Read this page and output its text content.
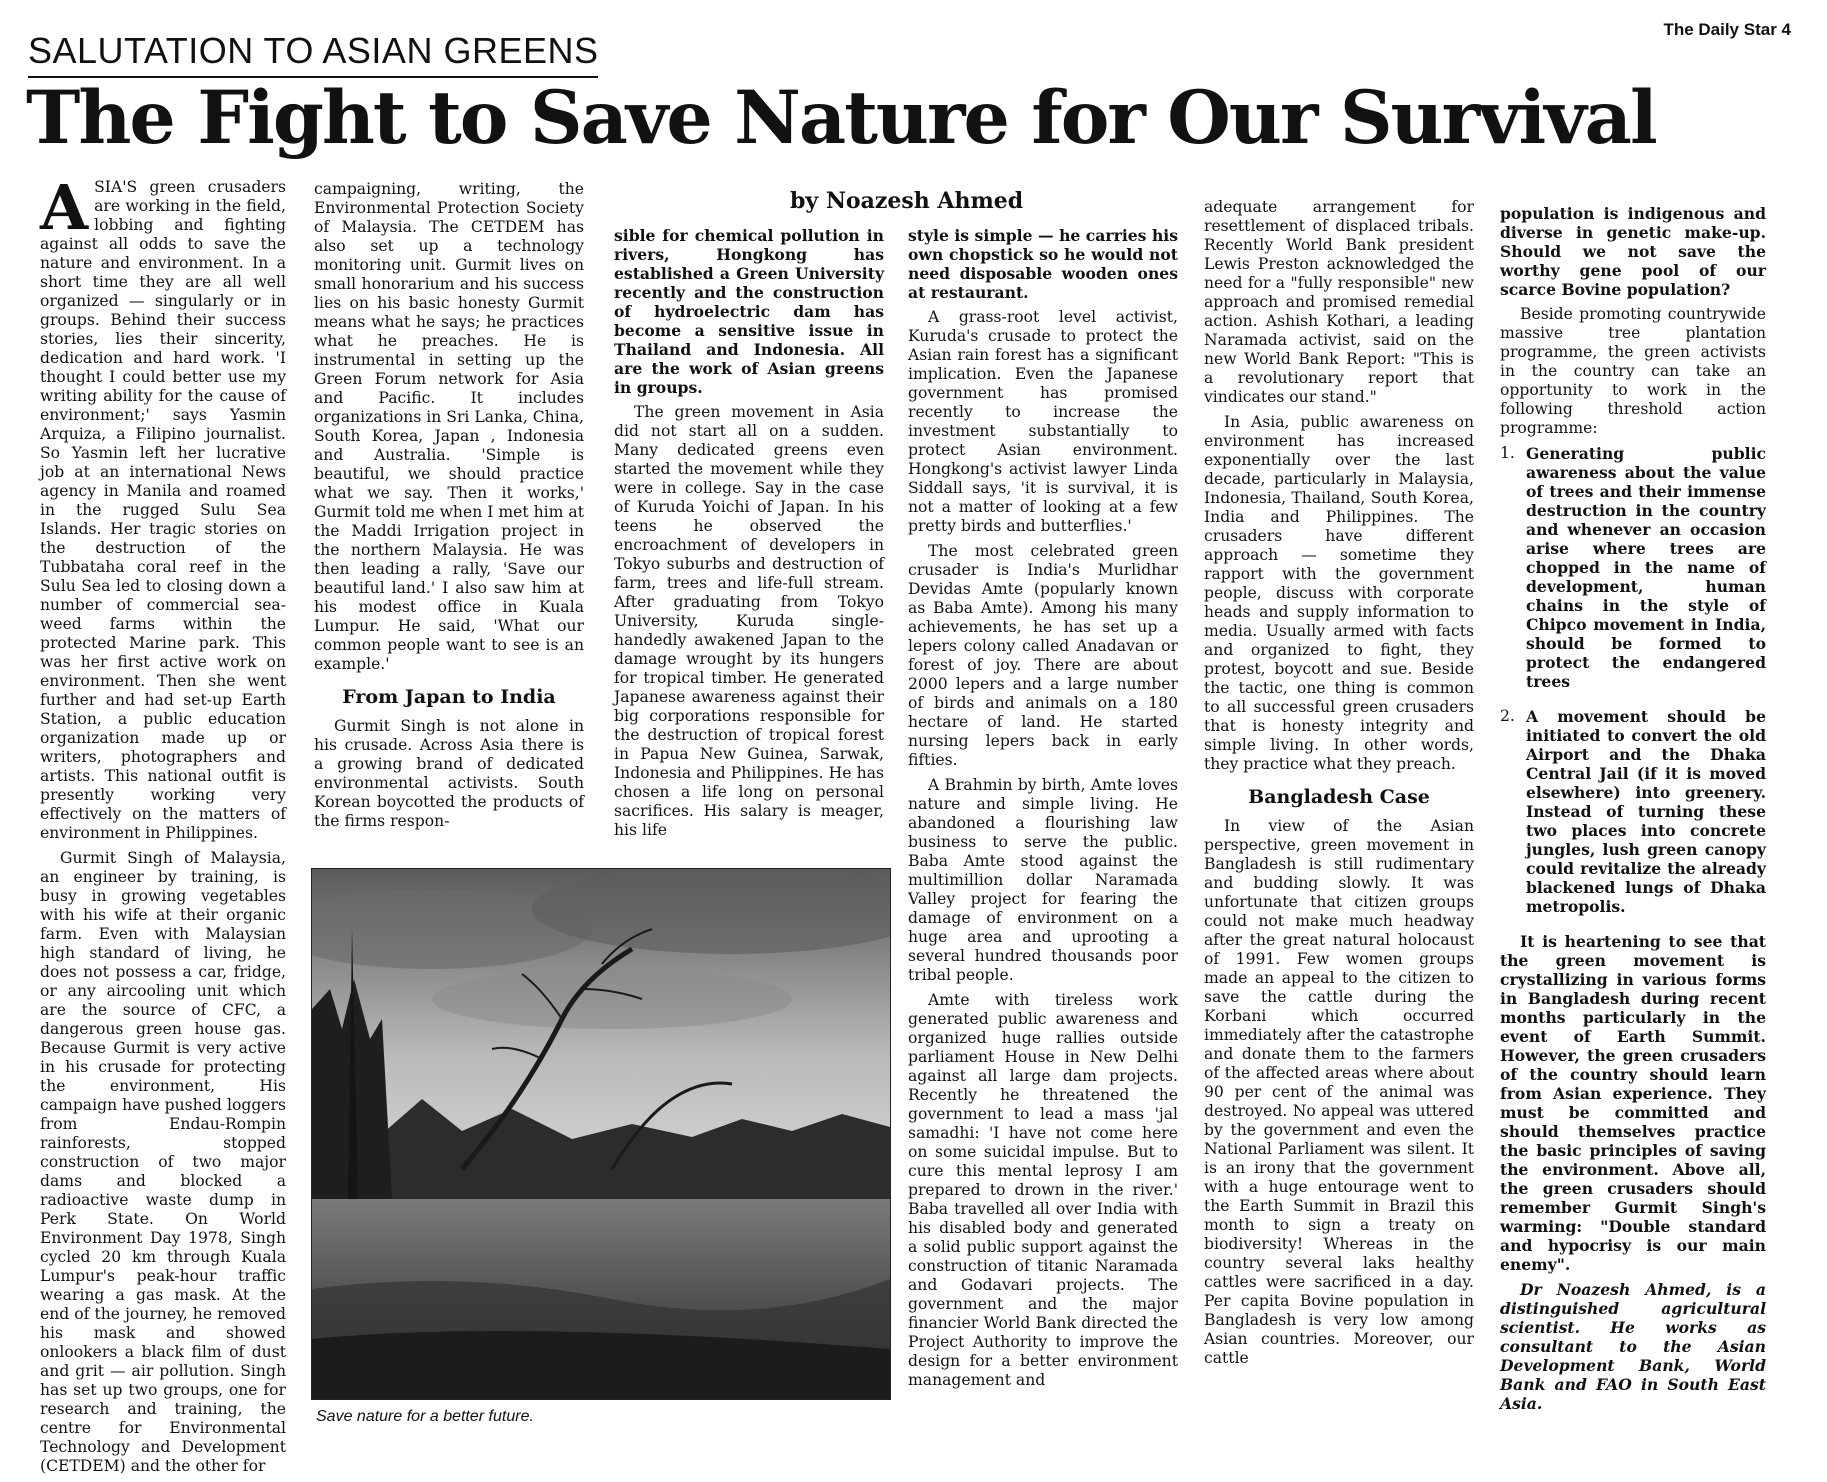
The Daily Star 4
SALUTATION TO ASIAN GREENS
The Fight to Save Nature for Our Survival
by Noazesh Ahmed

ASIA'S green crusaders are working in the field, lobbing and fighting against all odds to save the nature and environment. In a short time they are all well organized — singularly or in groups. Behind their success stories, lies their sincerity, dedication and hard work. 'I thought I could better use my writing ability for the cause of environment;' says Yasmin Arquiza, a Filipino journalist. So Yasmin left her lucrative job at an international News agency in Manila and roamed in the rugged Sulu Sea Islands. Her tragic stories on the destruction of the Tubbataha coral reef in the Sulu Sea led to closing down a number of commercial sea-weed farms within the protected Marine park. This was her first active work on environment. Then she went further and had set-up Earth Station, a public education organization made up or writers, photographers and artists. This national outfit is presently working very effectively on the matters of environment in Philippines.

Gurmit Singh of Malaysia, an engineer by training, is busy in growing vegetables with his wife at their organic farm. Even with Malaysian high standard of living, he does not possess a car, fridge, or any aircooling unit which are the source of CFC, a dangerous green house gas. Because Gurmit is very active in his crusade for protecting the environment, His campaign have pushed loggers from Endau-Rompin rainforests, stopped construction of two major dams and blocked a radioactive waste dump in Perk State. On World Environment Day 1978, Singh cycled 20 km through Kuala Lumpur's peak-hour traffic wearing a gas mask. At the end of the journey, he removed his mask and showed onlookers a black film of dust and grit — air pollution. Singh has set up two groups, one for research and training, the centre for Environmental Technology and Development (CETDEM) and the other for

campaigning, writing, the Environmental Protection Society of Malaysia. The CETDEM has also set up a technology monitoring unit. Gurmit lives on small honorarium and his success lies on his basic honesty Gurmit means what he says; he practices what he preaches. He is instrumental in setting up the Green Forum network for Asia and Pacific. It includes organizations in Sri Lanka, China, South Korea, Japan , Indonesia and Australia. 'Simple is beautiful, we should practice what we say. Then it works,' Gurmit told me when I met him at the Maddi Irrigation project in the northern Malaysia. He was then leading a rally, 'Save our beautiful land.' I also saw him at his modest office in Kuala Lumpur. He said, 'What our common people want to see is an example.'

From Japan to India

Gurmit Singh is not alone in his crusade. Across Asia there is a growing brand of dedicated environmental activists. South Korean boycotted the products of the firms respon-

sible for chemical pollution in rivers, Hongkong has established a Green University recently and the construction of hydroelectric dam has become a sensitive issue in Thailand and Indonesia. All are the work of Asian greens in groups.

The green movement in Asia did not start all on a sudden. Many dedicated greens even started the movement while they were in college. Say in the case of Kuruda Yoichi of Japan. In his teens he observed the encroachment of developers in Tokyo suburbs and destruction of farm, trees and life-full stream. After graduating from Tokyo University, Kuruda single-handedly awakened Japan to the damage wrought by its hungers for tropical timber. He generated Japanese awareness against their big corporations responsible for the destruction of tropical forest in Papua New Guinea, Sarwak, Indonesia and Philippines. He has chosen a life long on personal sacrifices. His salary is meager, his life

style is simple — he carries his own chopstick so he would not need disposable wooden ones at restaurant.

A grass-root level activist, Kuruda's crusade to protect the Asian rain forest has a significant implication. Even the Japanese government has promised recently to increase the investment substantially to protect Asian environment. Hongkong's activist lawyer Linda Siddall says, 'it is survival, it is not a matter of looking at a few pretty birds and butterflies.'

The most celebrated green crusader is India's Murlidhar Devidas Amte (popularly known as Baba Amte). Among his many achievements, he has set up a lepers colony called Anadavan or forest of joy. There are about 2000 lepers and a large number of birds and animals on a 180 hectare of land. He started nursing lepers back in early fifties.

A Brahmin by birth, Amte loves nature and simple living. He abandoned a flourishing law business to serve the public. Baba Amte stood against the multimillion dollar Naramada Valley project for fearing the damage of environment on a huge area and uprooting a several hundred thousands poor tribal people.

Amte with tireless work generated public awareness and organized huge rallies outside parliament House in New Delhi against all large dam projects. Recently he threatened the government to lead a mass 'jal samadhi: 'I have not come here on some suicidal impulse. But to cure this mental leprosy I am prepared to drown in the river.' Baba travelled all over India with his disabled body and generated a solid public support against the construction of titanic Naramada and Godavari projects. The government and the major financier World Bank directed the Project Authority to improve the design for a better environment management and

adequate arrangement for resettlement of displaced tribals. Recently World Bank president Lewis Preston acknowledged the need for a "fully responsible" new approach and promised remedial action. Ashish Kothari, a leading Naramada activist, said on the new World Bank Report: "This is a revolutionary report that vindicates our stand."

In Asia, public awareness on environment has increased exponentially over the last decade, particularly in Malaysia, Indonesia, Thailand, South Korea, India and Philippines. The crusaders have different approach — sometime they rapport with the government people, discuss with corporate heads and supply information to media. Usually armed with facts and organized to fight, they protest, boycott and sue. Beside the tactic, one thing is common to all successful green crusaders that is honesty integrity and simple living. In other words, they practice what they preach.

Bangladesh Case

In view of the Asian perspective, green movement in Bangladesh is still rudimentary and budding slowly. It was unfortunate that citizen groups could not make much headway after the great natural holocaust of 1991. Few women groups made an appeal to the citizen to save the cattle during the Korbani which occurred immediately after the catastrophe and donate them to the farmers of the affected areas where about 90 per cent of the animal was destroyed. No appeal was uttered by the government and even the National Parliament was silent. It is an irony that the government with a huge entourage went to the Earth Summit in Brazil this month to sign a treaty on biodiversity! Whereas in the country several laks healthy cattles were sacrificed in a day. Per capita Bovine population in Bangladesh is very low among Asian countries. Moreover, our cattle

population is indigenous and diverse in genetic make-up. Should we not save the worthy gene pool of our scarce Bovine population?

Beside promoting countrywide massive tree plantation programme, the green activists in the country can take an opportunity to work in the following threshold action programme:

1. Generating public awareness about the value of trees and their immense destruction in the country and whenever an occasion arise where trees are chopped in the name of development, human chains in the style of Chipco movement in India, should be formed to protect the endangered trees
2. A movement should be initiated to convert the old Airport and the Dhaka Central Jail (if it is moved elsewhere) into greenery. Instead of turning these two places into concrete jungles, lush green canopy could revitalize the already blackened lungs of Dhaka metropolis.

It is heartening to see that the green movement is crystallizing in various forms in Bangladesh during recent months particularly in the event of Earth Summit. However, the green crusaders of the country should learn from Asian experience. They must be committed and should themselves practice the basic principles of saving the environment. Above all, the green crusaders should remember Gurmit Singh's warming: "Double standard and hypocrisy is our main enemy".

Dr Noazesh Ahmed, is a distinguished agricultural scientist. He works as consultant to the Asian Development Bank, World Bank and FAO in South East Asia.

Save nature for a better future.
